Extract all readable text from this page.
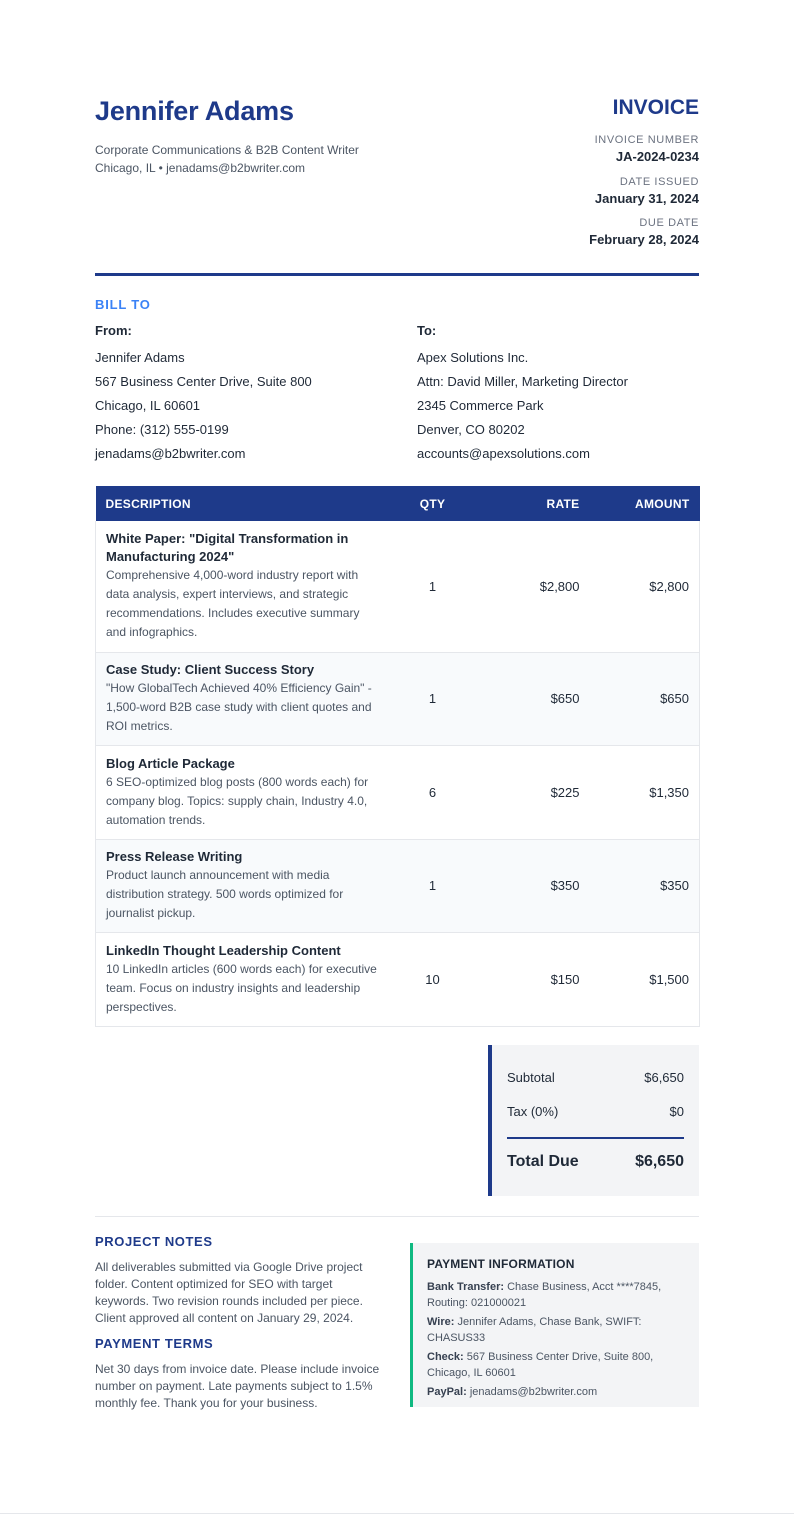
Jennifer Adams
Corporate Communications & B2B Content Writer
Chicago, IL • jenadams@b2bwriter.com
INVOICE
INVOICE NUMBER
JA-2024-0234
DATE ISSUED
January 31, 2024
DUE DATE
February 28, 2024
BILL TO
From:
Jennifer Adams
567 Business Center Drive, Suite 800
Chicago, IL 60601
Phone: (312) 555-0199
jenadams@b2bwriter.com
To:
Apex Solutions Inc.
Attn: David Miller, Marketing Director
2345 Commerce Park
Denver, CO 80202
accounts@apexsolutions.com
DESCRIPTION	QTY	RATE	AMOUNT

White Paper: "Digital Transformation in Manufacturing 2024"
Comprehensive 4,000-word industry report with data analysis, expert interviews, and strategic recommendations. Includes executive summary and infographics.	1	$2,800	$2,800

Case Study: Client Success Story
"How GlobalTech Achieved 40% Efficiency Gain" - 1,500-word B2B case study with client quotes and ROI metrics.	1	$650	$650

Blog Article Package
6 SEO-optimized blog posts (800 words each) for company blog. Topics: supply chain, Industry 4.0, automation trends.	6	$225	$1,350

Press Release Writing
Product launch announcement with media distribution strategy. 500 words optimized for journalist pickup.	1	$350	$350

LinkedIn Thought Leadership Content
10 LinkedIn articles (600 words each) for executive team. Focus on industry insights and leadership perspectives.	10	$150	$1,500
Subtotal	$6,650
Tax (0%)	$0
Total Due	$6,650
PROJECT NOTES
All deliverables submitted via Google Drive project folder. Content optimized for SEO with target keywords. Two revision rounds included per piece. Client approved all content on January 29, 2024.
PAYMENT TERMS
Net 30 days from invoice date. Please include invoice number on payment. Late payments subject to 1.5% monthly fee. Thank you for your business.
PAYMENT INFORMATION
Bank Transfer: Chase Business, Acct ****7845, Routing: 021000021
Wire: Jennifer Adams, Chase Bank, SWIFT: CHASUS33
Check: 567 Business Center Drive, Suite 800, Chicago, IL 60601
PayPal: jenadams@b2bwriter.com
